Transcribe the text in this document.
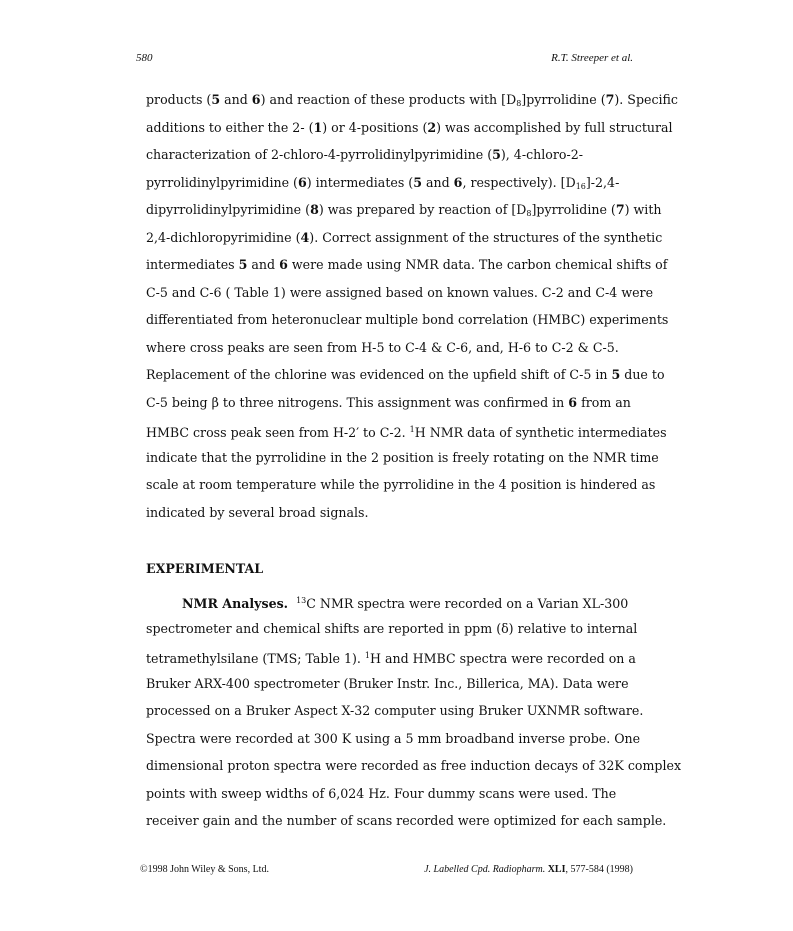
580	R.T. Streeper et al.
products (5 and 6) and reaction of these products with $[D_8]pyrrolidine$ (7). Specific
additions to either the 2- (1) or 4-positions (2) was accomplished by full structural
characterization of 2-chloro-4-pyrrolidinylpyrimidine (5), 4-chloro-2-
pyrrolidinylpyrimidine (6) intermediates (5 and 6, respectively). $[D_{16}]-2,4-$
dipyrrolidinylpyrimidine (8) was prepared by reaction of $[D_8]pyrrolidine$ (7) with
2,4-dichloropyrimidine (4). Correct assignment of the structures of the synthetic
intermediates 5 and 6 were made using NMR data. The carbon chemical shifts of
C-5 and C-6 ( Table 1) were assigned based on known values. C-2 and C-4 were
differentiated from heteronuclear multiple bond correlation (HMBC) experiments
where cross peaks are seen from H-5 to C-4 & C-6, and, H-6 to C-2 & C-5.
Replacement of the chlorine was evidenced on the upfield shift of C-5 in 5 due to
C-5 being β to three nitrogens. This assignment was confirmed in 6 from an
HMBC cross peak seen from H-2′ to C-2. $^1$H NMR data of synthetic intermediates
indicate that the pyrrolidine in the 2 position is freely rotating on the NMR time
scale at room temperature while the pyrrolidine in the 4 position is hindered as
indicated by several broad signals.
EXPERIMENTAL
NMR Analyses. $^{13}$C NMR spectra were recorded on a Varian XL-300
spectrometer and chemical shifts are reported in ppm (δ) relative to internal
tetramethylsilane (TMS; Table 1). $^1$H and HMBC spectra were recorded on a
Bruker ARX-400 spectrometer (Bruker Instr. Inc., Billerica, MA). Data were
processed on a Bruker Aspect X-32 computer using Bruker UXNMR software.
Spectra were recorded at 300 K using a 5 mm broadband inverse probe. One
dimensional proton spectra were recorded as free induction decays of 32K complex
points with sweep widths of 6,024 Hz. Four dummy scans were used. The
receiver gain and the number of scans recorded were optimized for each sample.
©1998 John Wiley & Sons, Ltd.	J. Labelled Cpd. Radiopharm. XLI, 577-584 (1998)
